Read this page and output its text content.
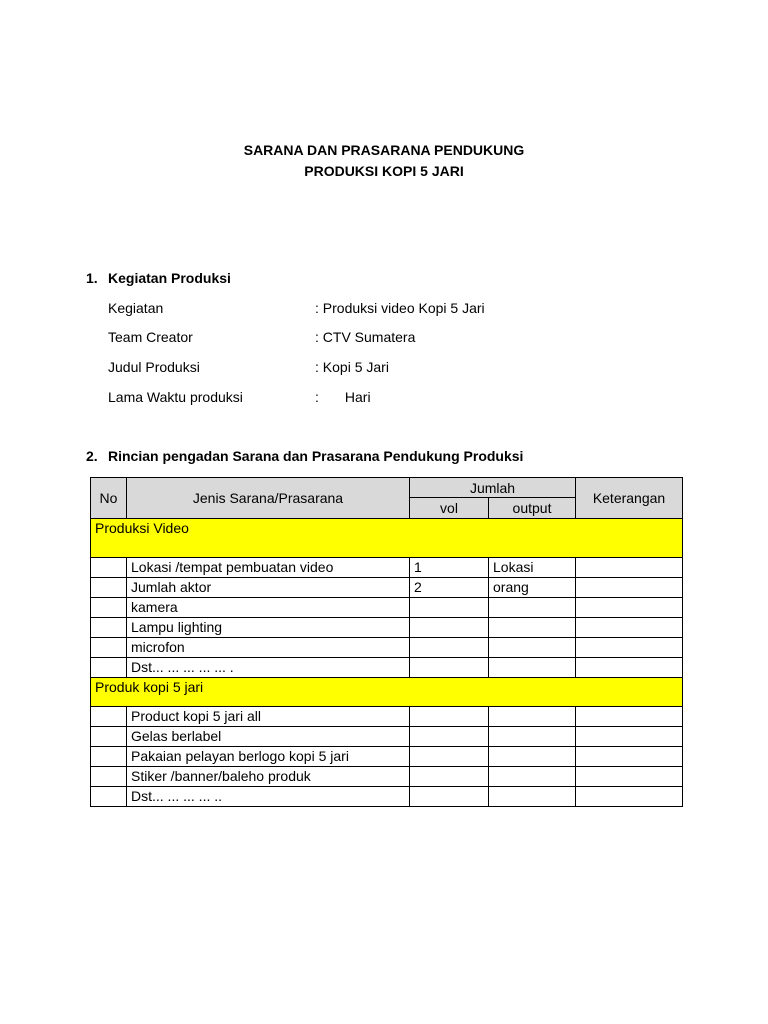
SARANA DAN PRASARANA PENDUKUNG
PRODUKSI KOPI 5 JARI
1. Kegiatan Produksi
Kegiatan	: Produksi video Kopi 5 Jari
Team Creator	: CTV Sumatera
Judul Produksi	: Kopi 5 Jari
Lama Waktu produksi	: Hari
2. Rincian pengadan Sarana dan Prasarana Pendukung Produksi
No	Jenis Sarana/Prasarana	Jumlah		Keterangan
		vol	output	
Produksi Video				
	Lokasi /tempat pembuatan video	1	Lokasi	
	Jumlah aktor	2	orang	
	kamera			
	Lampu lighting			
	microfon			
	Dst... ... ... ... ... .			
Produk kopi 5 jari				
	Product kopi 5 jari all			
	Gelas berlabel			
	Pakaian pelayan berlogo kopi 5 jari			
	Stiker /banner/baleho produk			
	Dst... ... ... ... ..			
